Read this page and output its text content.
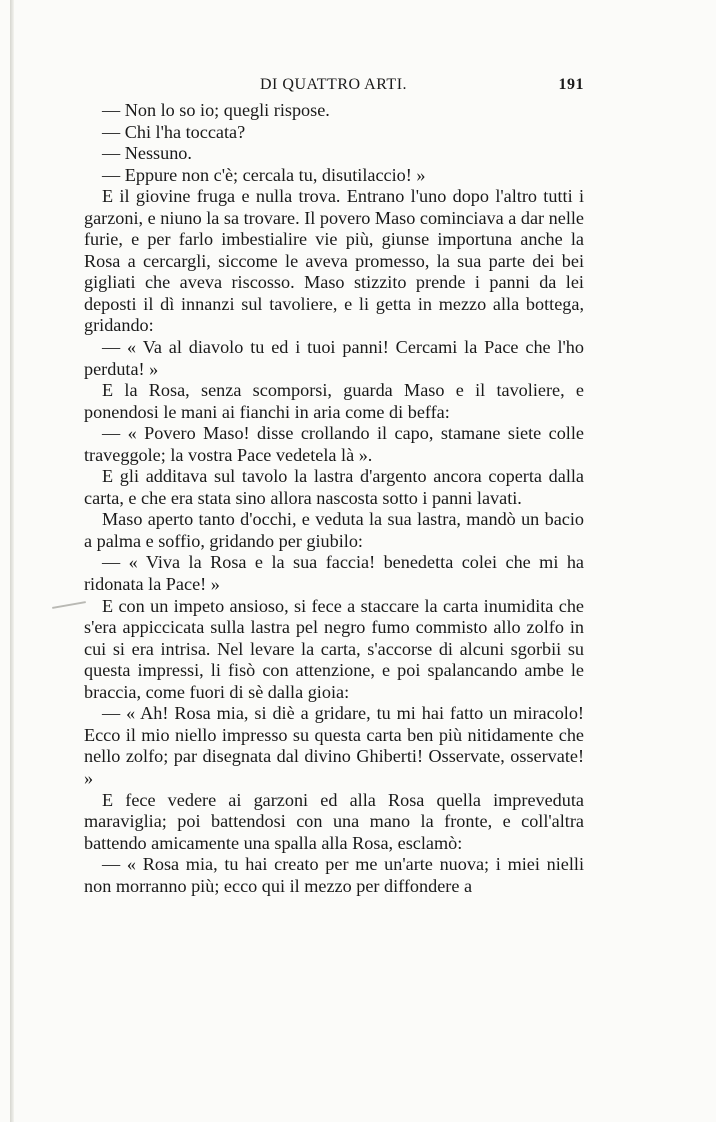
DI QUATTRO ARTI.	191

— Non lo so io; quegli rispose.

— Chi l'ha toccata?

— Nessuno.

— Eppure non c'è; cercala tu, disutilaccio! »

E il giovine fruga e nulla trova. Entrano l'uno dopo l'altro tutti i garzoni, e niuno la sa trovare. Il povero Maso cominciava a dar nelle furie, e per farlo imbestialire vie più, giunse importuna anche la Rosa a cercargli, siccome le aveva promesso, la sua parte dei bei gigliati che aveva riscosso. Maso stizzito prende i panni da lei deposti il dì innanzi sul tavoliere, e li getta in mezzo alla bottega, gridando:

— « Va al diavolo tu ed i tuoi panni! Cercami la Pace che l'ho perduta! »

E la Rosa, senza scomporsi, guarda Maso e il tavoliere, e ponendosi le mani ai fianchi in aria come di beffa:

— « Povero Maso! disse crollando il capo, stamane siete colle traveggole; la vostra Pace vedetela là ».

E gli additava sul tavolo la lastra d'argento ancora coperta dalla carta, e che era stata sino allora nascosta sotto i panni lavati.

Maso aperto tanto d'occhi, e veduta la sua lastra, mandò un bacio a palma e soffio, gridando per giubilo:

— « Viva la Rosa e la sua faccia! benedetta colei che mi ha ridonata la Pace! »

E con un impeto ansioso, si fece a staccare la carta inumidita che s'era appiccicata sulla lastra pel negro fumo commisto allo zolfo in cui si era intrisa. Nel levare la carta, s'accorse di alcuni sgorbii su questa impressi, li fisò con attenzione, e poi spalancando ambe le braccia, come fuori di sè dalla gioia:

— « Ah! Rosa mia, si diè a gridare, tu mi hai fatto un miracolo! Ecco il mio niello impresso su questa carta ben più nitidamente che nello zolfo; par disegnata dal divino Ghiberti! Osservate, osservate! »

E fece vedere ai garzoni ed alla Rosa quella impreveduta maraviglia; poi battendosi con una mano la fronte, e coll'altra battendo amicamente una spalla alla Rosa, esclamò:

— « Rosa mia, tu hai creato per me un'arte nuova; i miei nielli non morranno più; ecco qui il mezzo per diffondere a
